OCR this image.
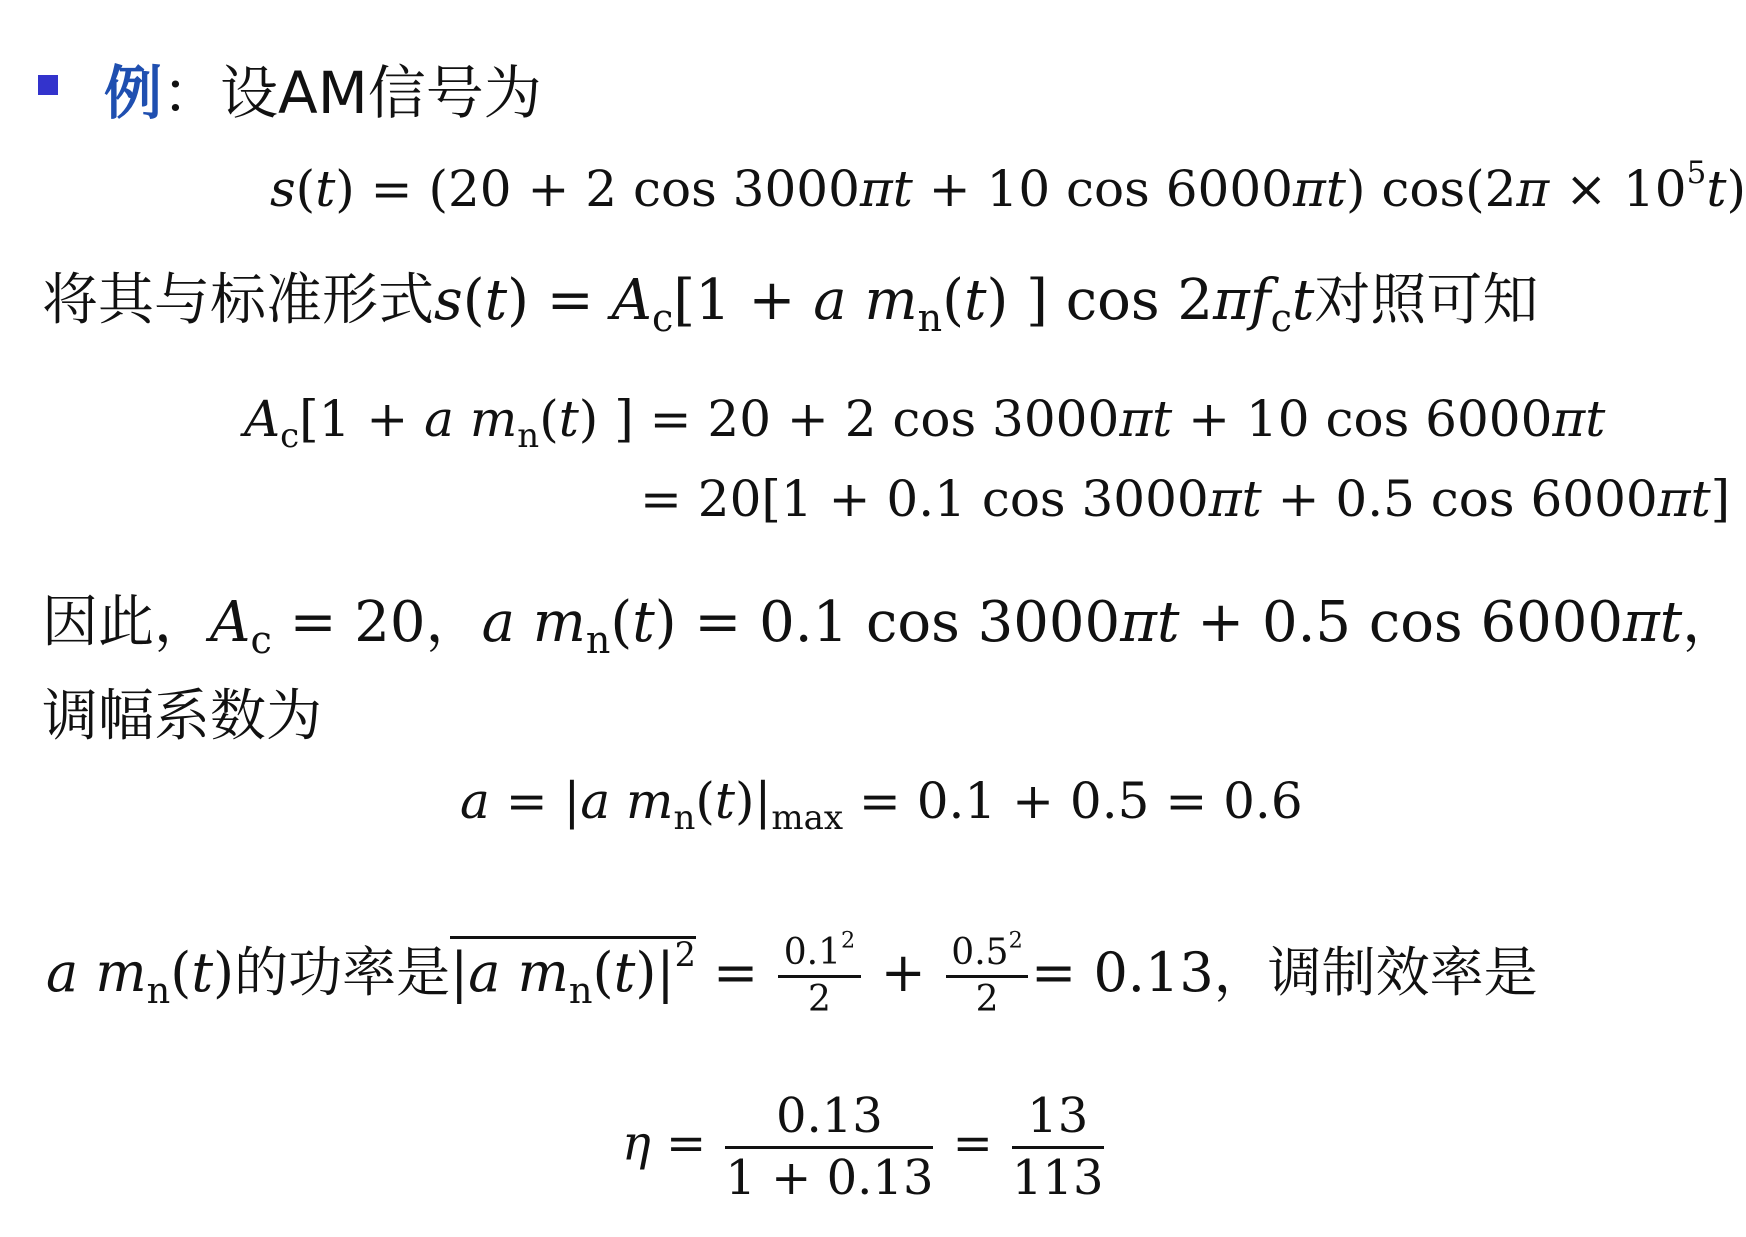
例：设AM信号为
s(t) = (20 + 2 cos 3000πt + 10 cos 6000πt) $\cos(2\pi \times 10^5t)$
将其与标准形式$s(t) = A_c[1 + a$ $m_n(t)$ ] $\cos 2\pi f_ct$对照可知
$A_c[1 + a$ $m_n(t)$ ] = 20 + 2 cos 3000πt + 10 cos 6000πt
= 20[1 + 0.1 cos 3000πt + 0.5 cos 6000πt]
因此，$A_c = 20$，a $m_n(t) = 0.1$ cos 3000πt + 0.5 cos 6000πt，
调幅系数为
a = |a $m_n(t)|_{max} = 0.1 + 0.5 = 0.6$
a $m_n(t)$的功率是|a $m_n(t)|^2 = \frac{0.1^2}{2} + \frac{0.5^2}{2} = 0.13$，调制效率是
$\eta = \frac{0.13}{1 + 0.13} = \frac{13}{113}$
